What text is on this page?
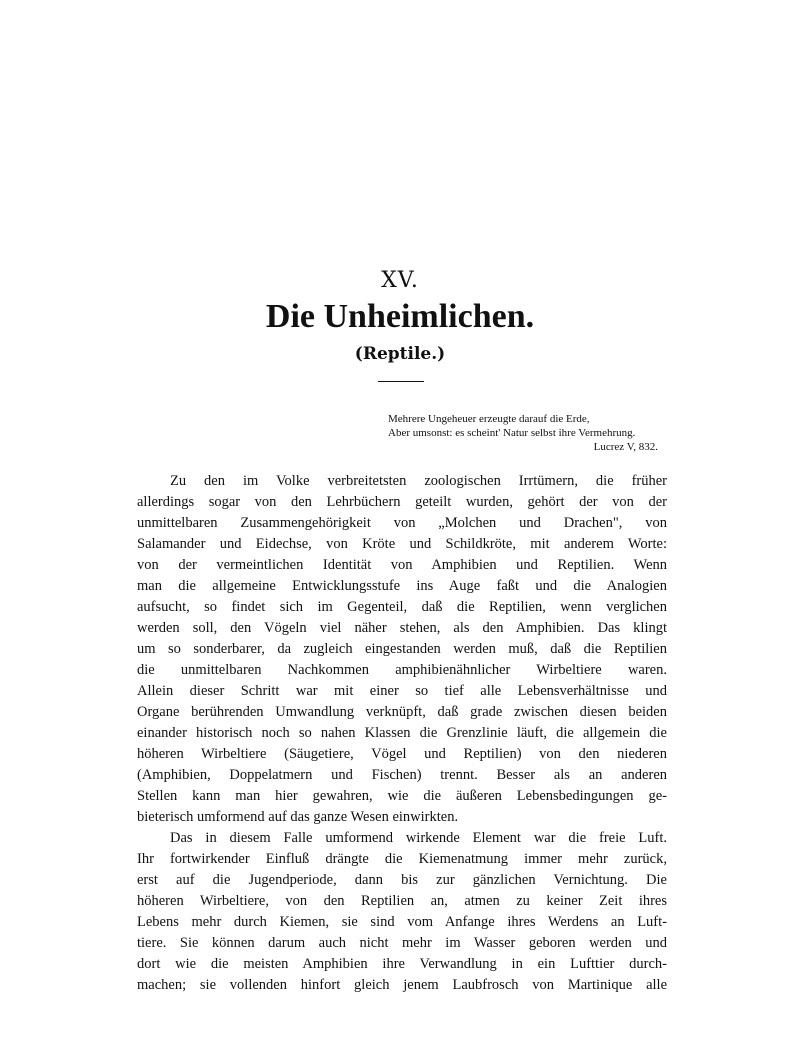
XV.
Die Unheimlichen.
(Reptile.)
Mehrere Ungeheuer erzeugte darauf die Erde,
Aber umsonst: es scheint' Natur selbst ihre Vermehrung.
Lucrez V, 832.
Zu den im Volke verbreitetsten zoologischen Irrtümern, die früher
allerdings sogar von den Lehrbüchern geteilt wurden, gehört der von der
unmittelbaren Zusammengehörigkeit von „Molchen und Drachen", von
Salamander und Eidechse, von Kröte und Schildkröte, mit anderem Worte:
von der vermeintlichen Identität von Amphibien und Reptilien. Wenn
man die allgemeine Entwicklungsstufe ins Auge faßt und die Analogien
aufsucht, so findet sich im Gegenteil, daß die Reptilien, wenn verglichen
werden soll, den Vögeln viel näher stehen, als den Amphibien. Das klingt
um so sonderbarer, da zugleich eingestanden werden muß, daß die Reptilien
die unmittelbaren Nachkommen amphibienähnlicher Wirbeltiere waren.
Allein dieser Schritt war mit einer so tief alle Lebensverhältnisse und
Organe berührenden Umwandlung verknüpft, daß grade zwischen diesen beiden
einander historisch noch so nahen Klassen die Grenzlinie läuft, die allgemein die
höheren Wirbeltiere (Säugetiere, Vögel und Reptilien) von den niederen
(Amphibien, Doppelatmern und Fischen) trennt. Besser als an anderen
Stellen kann man hier gewahren, wie die äußeren Lebensbedingungen ge-
bieterisch umformend auf das ganze Wesen einwirkten.
Das in diesem Falle umformend wirkende Element war die freie Luft.
Ihr fortwirkender Einfluß drängte die Kiemenatmung immer mehr zurück,
erst auf die Jugendperiode, dann bis zur gänzlichen Vernichtung. Die
höheren Wirbeltiere, von den Reptilien an, atmen zu keiner Zeit ihres
Lebens mehr durch Kiemen, sie sind vom Anfange ihres Werdens an Luft-
tiere. Sie können darum auch nicht mehr im Wasser geboren werden und
dort wie die meisten Amphibien ihre Verwandlung in ein Lufttier durch-
machen; sie vollenden hinfort gleich jenem Laubfrosch von Martinique alle
